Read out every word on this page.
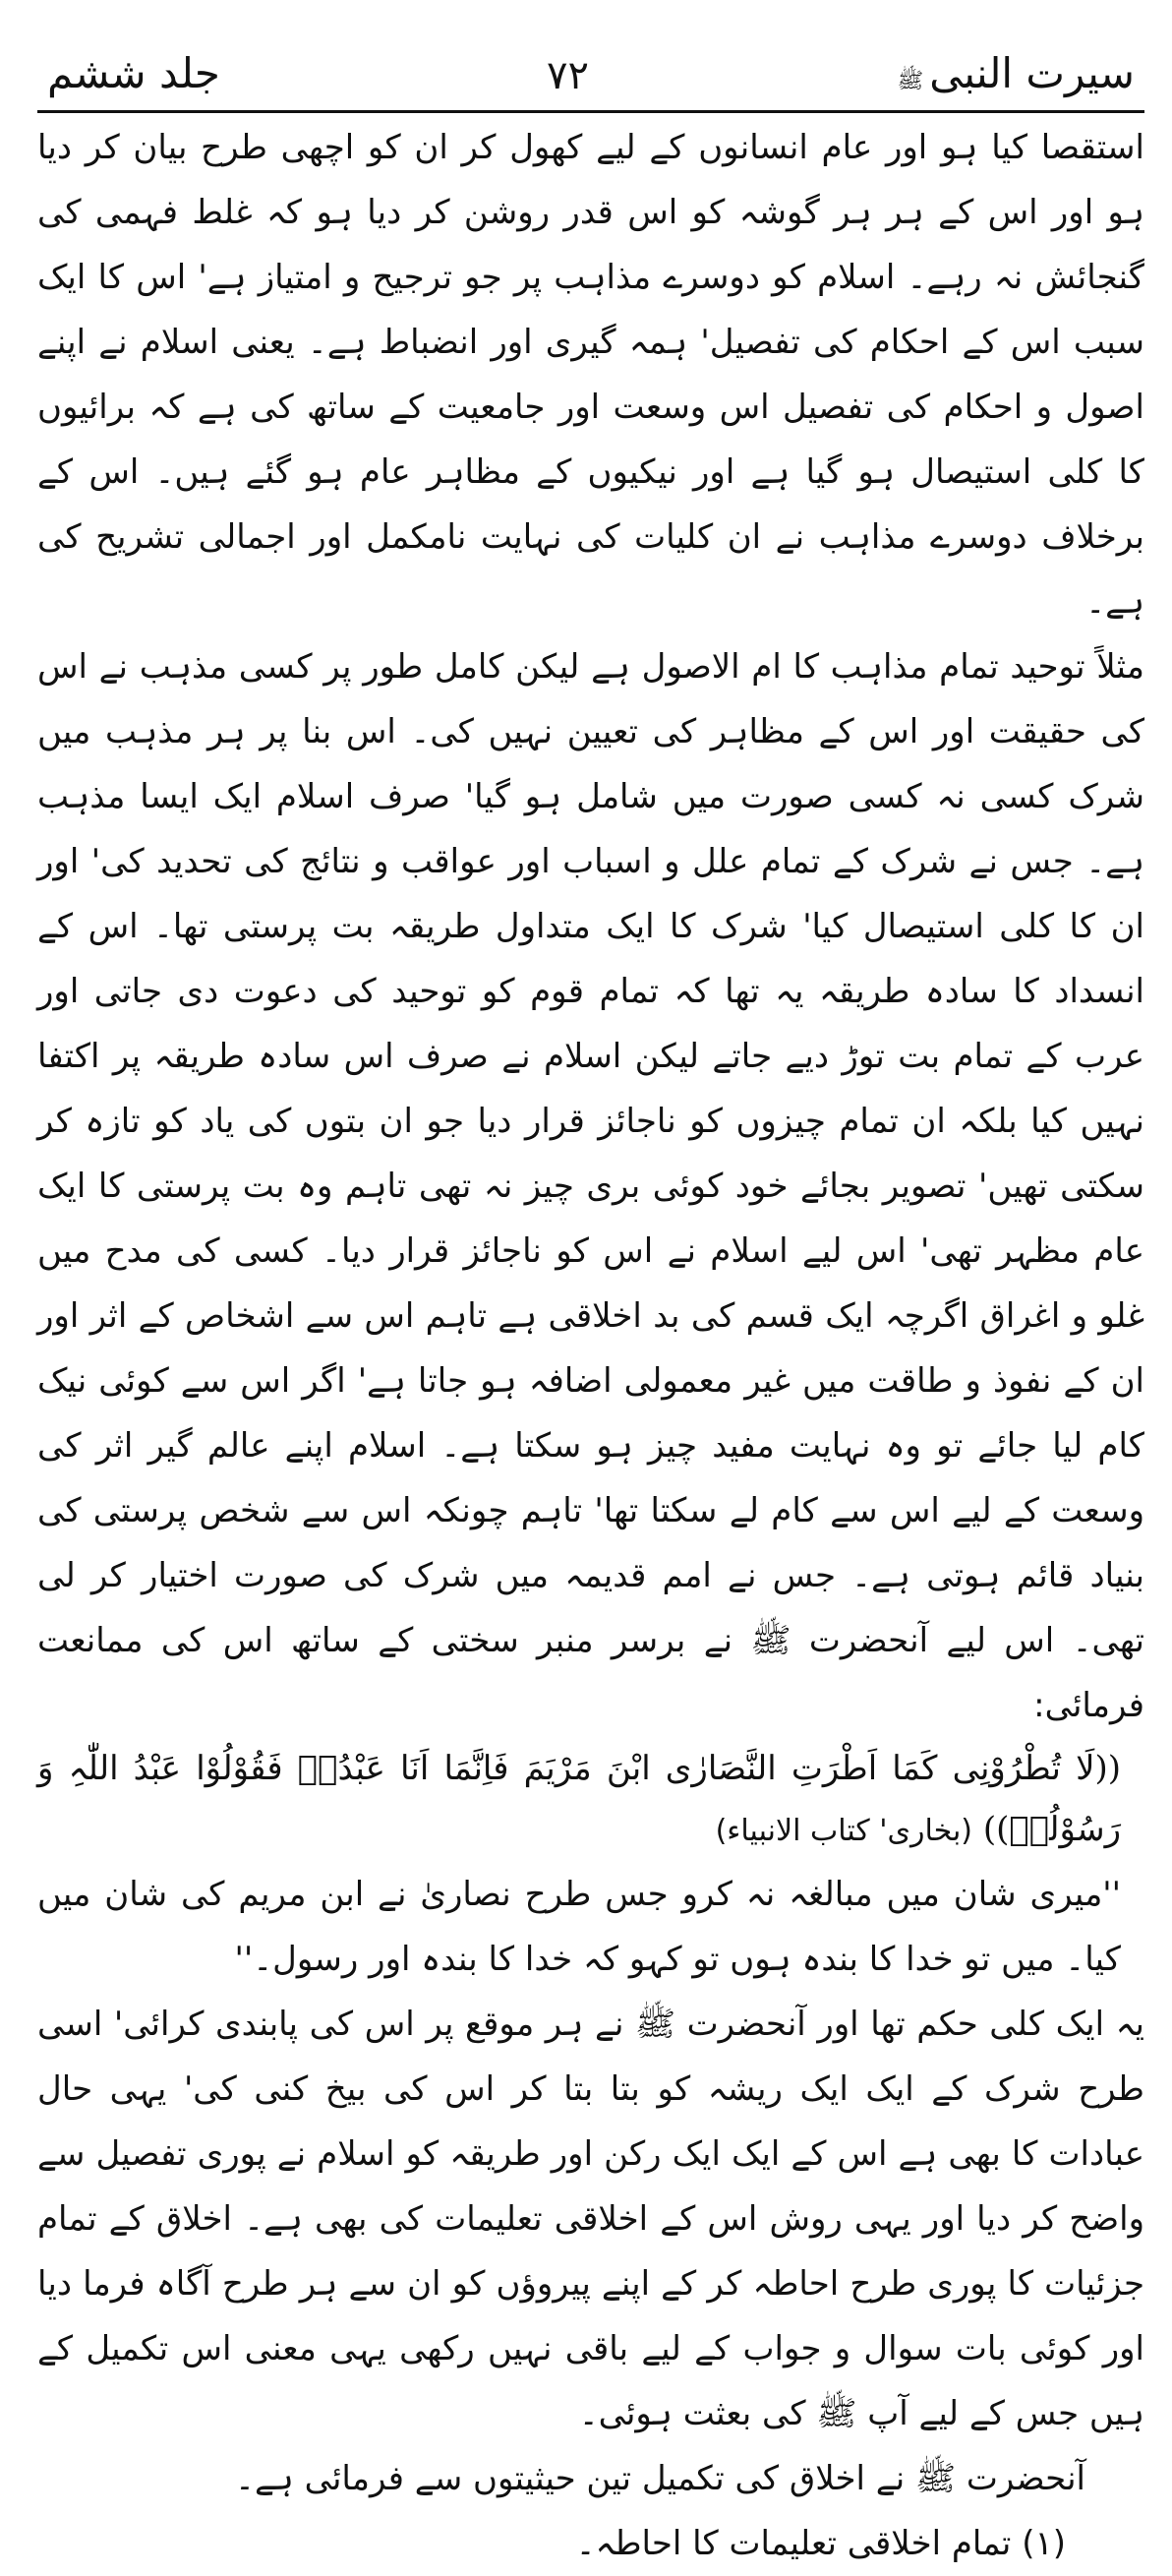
سیرت النبیﷺ
۷۲
جلد ششم

استقصا کیا ہو اور عام انسانوں کے لیے کھول کر ان کو اچھی طرح بیان کر دیا ہو اور اس کے ہر ہر گوشہ کو اس قدر روشن کر دیا ہو کہ غلط فہمی کی گنجائش نہ رہے۔ اسلام کو دوسرے مذاہب پر جو ترجیح و امتیاز ہے' اس کا ایک سبب اس کے احکام کی تفصیل' ہمہ گیری اور انضباط ہے۔ یعنی اسلام نے اپنے اصول و احکام کی تفصیل اس وسعت اور جامعیت کے ساتھ کی ہے کہ برائیوں کا کلی استیصال ہو گیا ہے اور نیکیوں کے مظاہر عام ہو گئے ہیں۔ اس کے برخلاف دوسرے مذاہب نے ان کلیات کی نہایت نامکمل اور اجمالی تشریح کی ہے۔

مثلاً توحید تمام مذاہب کا ام الاصول ہے لیکن کامل طور پر کسی مذہب نے اس کی حقیقت اور اس کے مظاہر کی تعیین نہیں کی۔ اس بنا پر ہر مذہب میں شرک کسی نہ کسی صورت میں شامل ہو گیا' صرف اسلام ایک ایسا مذہب ہے۔ جس نے شرک کے تمام علل و اسباب اور عواقب و نتائج کی تحدید کی' اور ان کا کلی استیصال کیا' شرک کا ایک متداول طریقہ بت پرستی تھا۔ اس کے انسداد کا سادہ طریقہ یہ تھا کہ تمام قوم کو توحید کی دعوت دی جاتی اور عرب کے تمام بت توڑ دیے جاتے لیکن اسلام نے صرف اس سادہ طریقہ پر اکتفا نہیں کیا بلکہ ان تمام چیزوں کو ناجائز قرار دیا جو ان بتوں کی یاد کو تازہ کر سکتی تھیں' تصویر بجائے خود کوئی بری چیز نہ تھی تاہم وہ بت پرستی کا ایک عام مظہر تھی' اس لیے اسلام نے اس کو ناجائز قرار دیا۔ کسی کی مدح میں غلو و اغراق اگرچہ ایک قسم کی بد اخلاقی ہے تاہم اس سے اشخاص کے اثر اور ان کے نفوذ و طاقت میں غیر معمولی اضافہ ہو جاتا ہے' اگر اس سے کوئی نیک کام لیا جائے تو وہ نہایت مفید چیز ہو سکتا ہے۔ اسلام اپنے عالم گیر اثر کی وسعت کے لیے اس سے کام لے سکتا تھا' تاہم چونکہ اس سے شخص پرستی کی بنیاد قائم ہوتی ہے۔ جس نے امم قدیمہ میں شرک کی صورت اختیار کر لی تھی۔ اس لیے آنحضرت ﷺ نے برسر منبر سختی کے ساتھ اس کی ممانعت فرمائی:

((لَا تُطْرُوْنِی کَمَا اَطْرَتِ النَّصَارٰی ابْنَ مَرْیَمَ فَاِنَّمَا اَنَا عَبْدُہٗ فَقُوْلُوْا عَبْدُ اللّٰہِ وَ رَسُوْلُہٗ)) (بخاری' کتاب الانبیاء)

''میری شان میں مبالغہ نہ کرو جس طرح نصاریٰ نے ابن مریم کی شان میں کیا۔ میں تو خدا کا بندہ ہوں تو کہو کہ خدا کا بندہ اور رسول۔''

یہ ایک کلی حکم تھا اور آنحضرت ﷺ نے ہر موقع پر اس کی پابندی کرائی' اسی طرح شرک کے ایک ایک ریشہ کو بتا بتا کر اس کی بیخ کنی کی' یہی حال عبادات کا بھی ہے اس کے ایک ایک رکن اور طریقہ کو اسلام نے پوری تفصیل سے واضح کر دیا اور یہی روش اس کے اخلاقی تعلیمات کی بھی ہے۔ اخلاق کے تمام جزئیات کا پوری طرح احاطہ کر کے اپنے پیروؤں کو ان سے ہر طرح آگاہ فرما دیا اور کوئی بات سوال و جواب کے لیے باقی نہیں رکھی یہی معنی اس تکمیل کے ہیں جس کے لیے آپ ﷺ کی بعثت ہوئی۔

آنحضرت ﷺ نے اخلاق کی تکمیل تین حیثیتوں سے فرمائی ہے۔

(۱) تمام اخلاقی تعلیمات کا احاطہ۔
